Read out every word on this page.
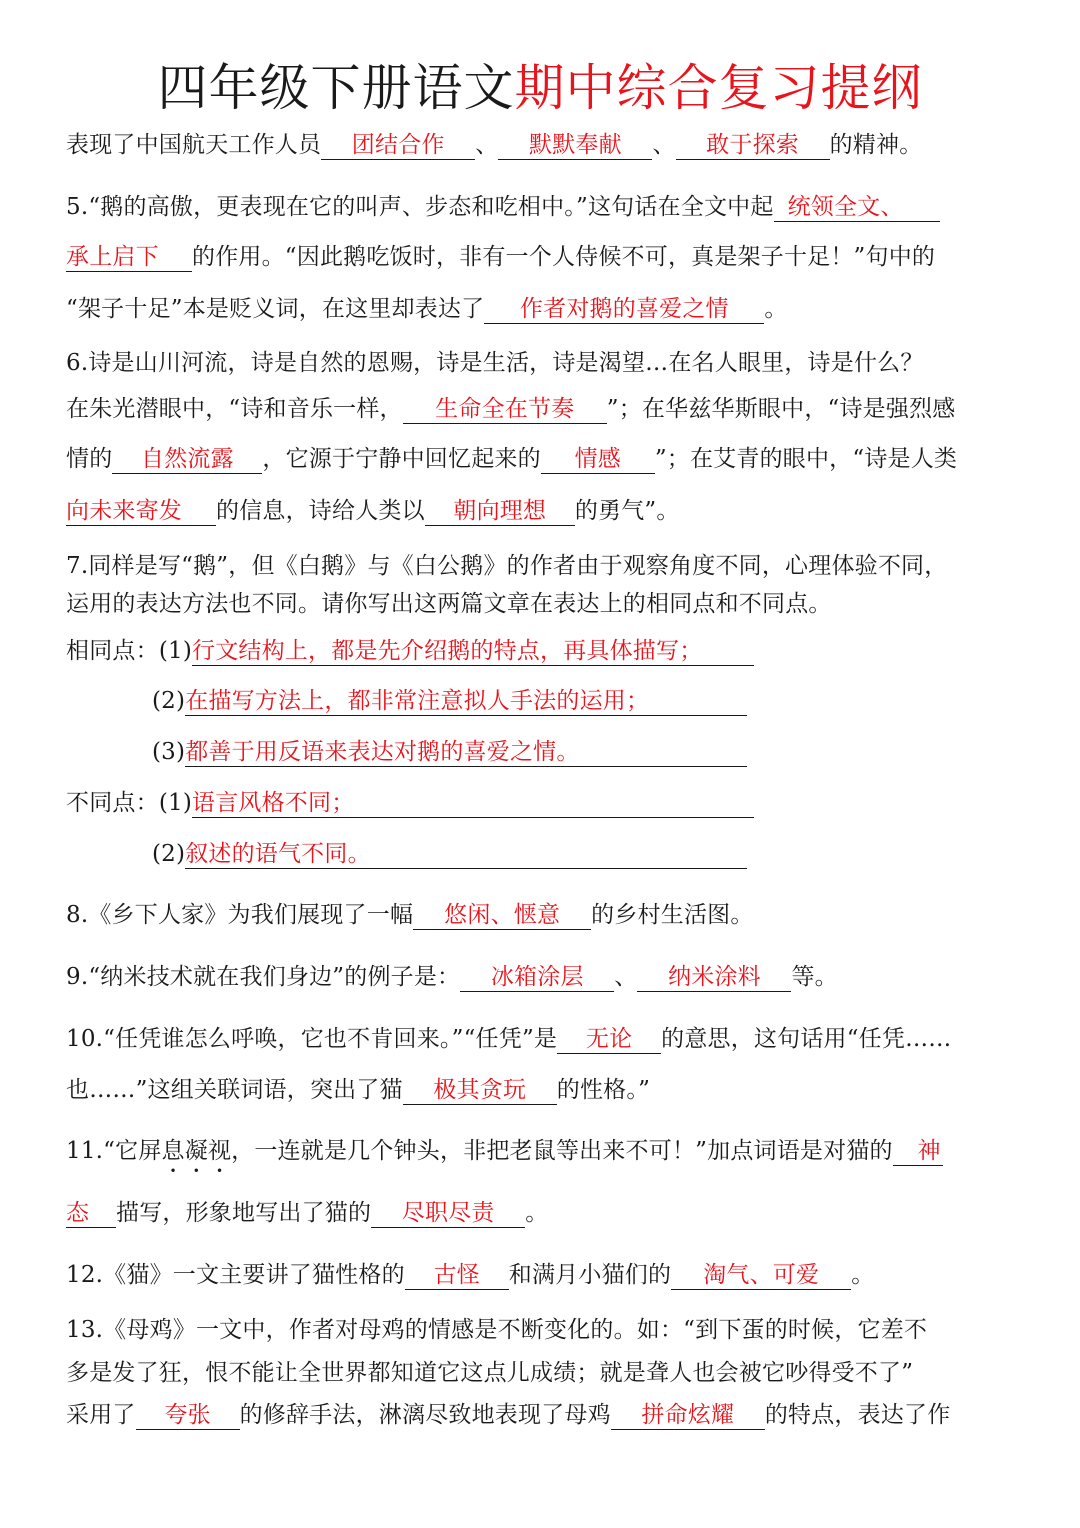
四年级下册语文期中综合复习提纲
表现了中国航天工作人员 团结合作 、 默默奉献 、 敢于探索 的精神。
5.“鹅的高傲，更表现在它的叫声、步态和吃相中。”这句话在全文中起 统领全文、
承上启下 的作用。“因此鹅吃饭时，非有一个人侍候不可，真是架子十足！”句中的
“架子十足”本是贬义词，在这里却表达了 作者对鹅的喜爱之情 。
6.诗是山川河流，诗是自然的恩赐，诗是生活，诗是渴望…在名人眼里，诗是什么？
在朱光潜眼中，“诗和音乐一样， 生命全在节奏 ”；在华兹华斯眼中，“诗是强烈感
情的 自然流露 ，它源于宁静中回忆起来的 情感 ”；在艾青的眼中，“诗是人类
向未来寄发 的信息，诗给人类以 朝向理想 的勇气”。
7.同样是写“鹅”，但《白鹅》与《白公鹅》的作者由于观察角度不同，心理体验不同，
运用的表达方法也不同。请你写出这两篇文章在表达上的相同点和不同点。
相同点：(1)行文结构上，都是先介绍鹅的特点，再具体描写；
(2)在描写方法上，都非常注意拟人手法的运用；
(3)都善于用反语来表达对鹅的喜爱之情。
不同点：(1)语言风格不同；
(2)叙述的语气不同。
8.《乡下人家》为我们展现了一幅 悠闲、惬意 的乡村生活图。
9.“纳米技术就在我们身边”的例子是： 冰箱涂层 、 纳米涂料 等。
10.“任凭谁怎么呼唤，它也不肯回来。”“任凭”是 无论 的意思，这句话用“任凭……
也……”这组关联词语，突出了猫 极其贪玩 的性格。”
11.“它屏息凝视，一连就是几个钟头，非把老鼠等出来不可！”加点词语是对猫的 神
态 描写，形象地写出了猫的 尽职尽责 。
12.《猫》一文主要讲了猫性格的 古怪 和满月小猫们的 淘气、可爱 。
13.《母鸡》一文中，作者对母鸡的情感是不断变化的。如：“到下蛋的时候，它差不
多是发了狂，恨不能让全世界都知道它这点儿成绩；就是聋人也会被它吵得受不了”
采用了 夸张 的修辞手法，淋漓尽致地表现了母鸡 拼命炫耀 的特点，表达了作
